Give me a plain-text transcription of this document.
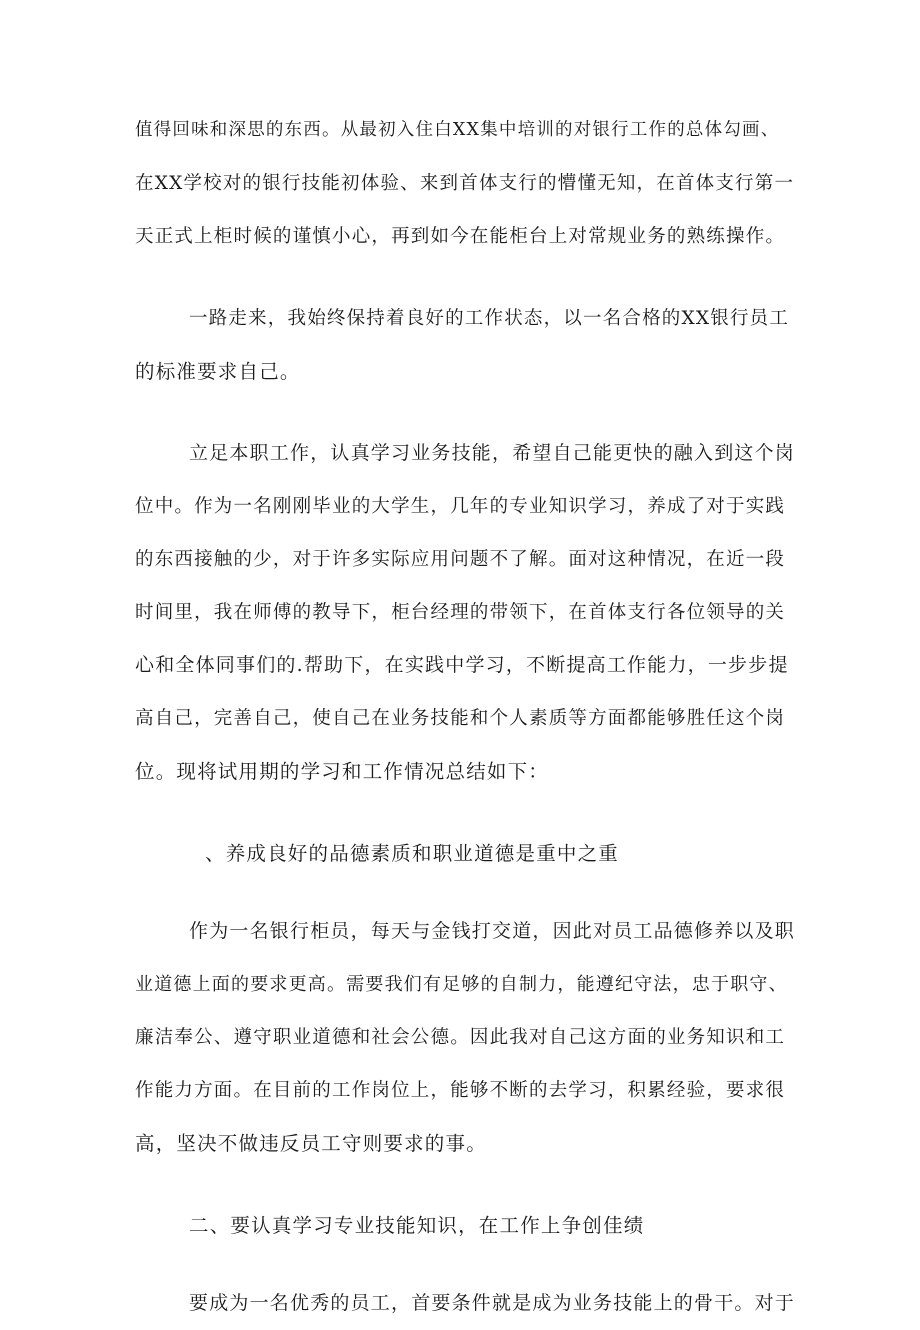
值得回味和深思的东西。从最初入住白XX集中培训的对银行工作的总体勾画、
在XX学校对的银行技能初体验、来到首体支行的懵懂无知，在首体支行第一
天正式上柜时候的谨慎小心，再到如今在能柜台上对常规业务的熟练操作。
一路走来，我始终保持着良好的工作状态，以一名合格的XX银行员工
的标准要求自己。
立足本职工作，认真学习业务技能，希望自己能更快的融入到这个岗
位中。作为一名刚刚毕业的大学生，几年的专业知识学习，养成了对于实践
的东西接触的少，对于许多实际应用问题不了解。面对这种情况，在近一段
时间里，我在师傅的教导下，柜台经理的带领下，在首体支行各位领导的关
心和全体同事们的.帮助下，在实践中学习，不断提高工作能力，一步步提
高自己，完善自己，使自己在业务技能和个人素质等方面都能够胜任这个岗
位。现将试用期的学习和工作情况总结如下：
、养成良好的品德素质和职业道德是重中之重
作为一名银行柜员，每天与金钱打交道，因此对员工品德修养以及职
业道德上面的要求更高。需要我们有足够的自制力，能遵纪守法，忠于职守、
廉洁奉公、遵守职业道德和社会公德。因此我对自己这方面的业务知识和工
作能力方面。在目前的工作岗位上，能够不断的去学习，积累经验，要求很
高，坚决不做违反员工守则要求的事。
二、要认真学习专业技能知识，在工作上争创佳绩
要成为一名优秀的员工，首要条件就是成为业务技能上的骨干。对于
